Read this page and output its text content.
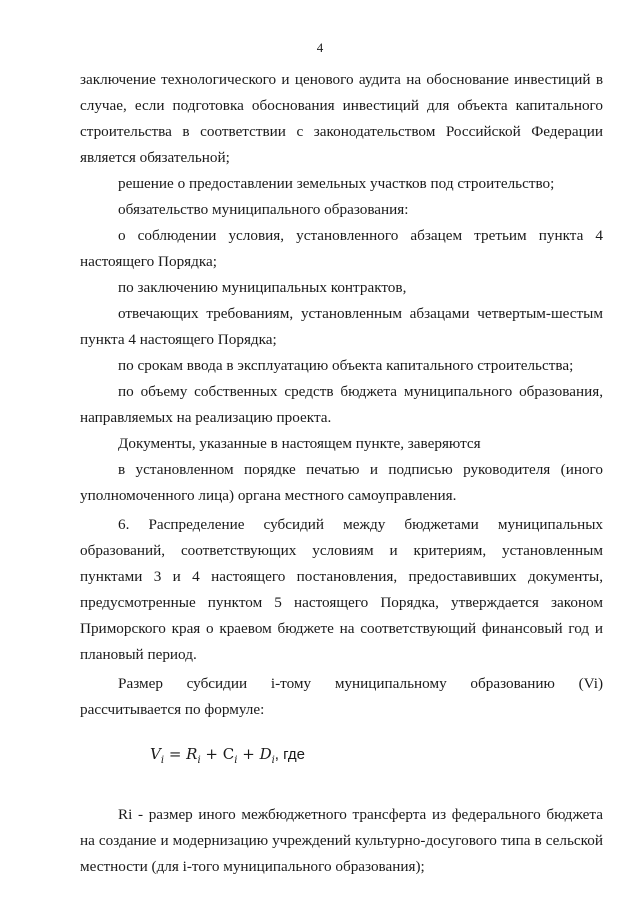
4
заключение технологического и ценового аудита на обоснование инвестиций в
случае, если подготовка обоснования инвестиций для объекта капитального
строительства в соответствии с законодательством Российской Федерации
является обязательной;
решение о предоставлении земельных участков под строительство;
обязательство муниципального образования:
о соблюдении условия, установленного абзацем третьим пункта 4
настоящего Порядка;
по заключению муниципальных контрактов,
отвечающих требованиям, установленным абзацами четвертым-шестым
пункта 4 настоящего Порядка;
по срокам ввода в эксплуатацию объекта капитального строительства;
по объему собственных средств бюджета муниципального образования,
направляемых на реализацию проекта.
Документы, указанные в настоящем пункте, заверяются
в установленном порядке печатью и подписью руководителя (иного
уполномоченного лица) органа местного самоуправления.
6. Распределение субсидий между бюджетами муниципальных
образований, соответствующих условиям и критериям, установленным
пунктами 3 и 4 настоящего постановления, предоставивших документы,
предусмотренные пунктом 5 настоящего Порядка, утверждается законом
Приморского края о краевом бюджете на соответствующий финансовый год и
плановый период.
Размер субсидии i-тому муниципальному образованию (Vi)
рассчитывается по формуле:
$V_i = R_i + C_i + D_i$, где
Ri - размер иного межбюджетного трансферта из федерального бюджета
на создание и модернизацию учреждений культурно-досугового типа в сельской
местности (для i-того муниципального образования);
